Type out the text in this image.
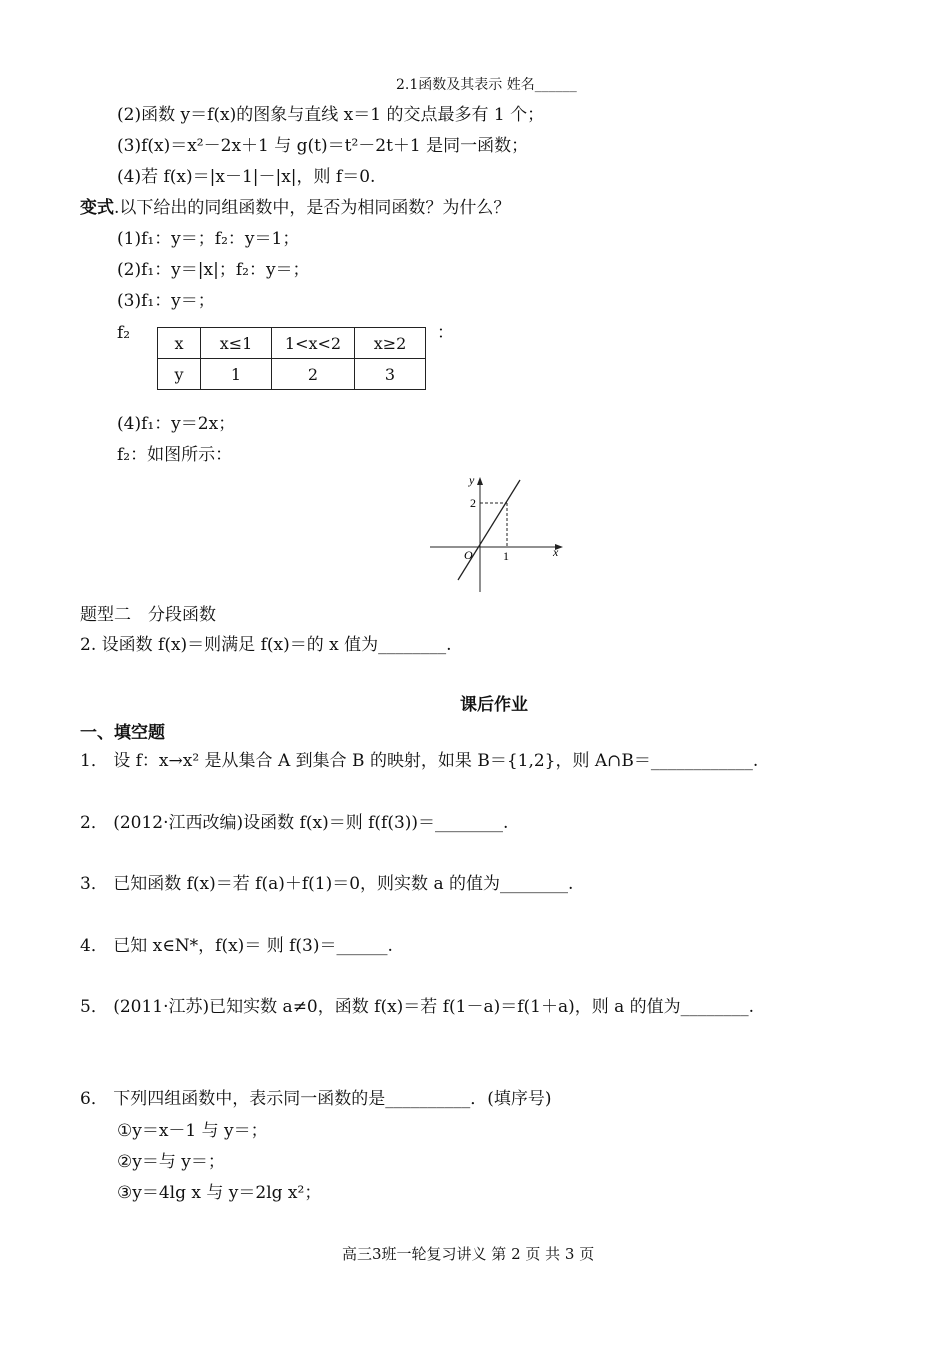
2.1函数及其表示 姓名______
(2)函数 y＝f(x)的图象与直线 x＝1 的交点最多有 1 个；
(3)f(x)＝x²－2x＋1 与 g(t)＝t²－2t＋1 是同一函数；
(4)若 f(x)＝|x－1|－|x|，则 f＝0.
变式.以下给出的同组函数中，是否为相同函数？为什么？
(1)f₁：y＝；f₂：y＝1；
(2)f₁：y＝|x|；f₂：y＝；
(3)f₁：y＝；
f₂	x	x≤1	1<x<2	x≥2
y	1	2	3
：
(4)f₁：y＝2x；
f₂：如图所示：
y
x
O	1
2
题型二　分段函数
2. 设函数 f(x)＝则满足 f(x)＝的 x 值为________.
课后作业
一、填空题
1． 设 f：x→x² 是从集合 A 到集合 B 的映射，如果 B＝{1,2}，则 A∩B＝____________.
2． (2012·江西改编)设函数 f(x)＝则 f(f(3))＝________.
3． 已知函数 f(x)＝若 f(a)＋f(1)＝0，则实数 a 的值为________.
4． 已知 x∈N*，f(x)＝ 则 f(3)＝______.
5． (2011·江苏)已知实数 a≠0，函数 f(x)＝若 f(1－a)＝f(1＋a)，则 a 的值为________.
6． 下列四组函数中，表示同一函数的是__________．(填序号)
①y＝x－1 与 y＝；
②y＝与 y＝；
③y＝4lg x 与 y＝2lg x²；
高三3班一轮复习讲义 第 2 页 共 3 页
